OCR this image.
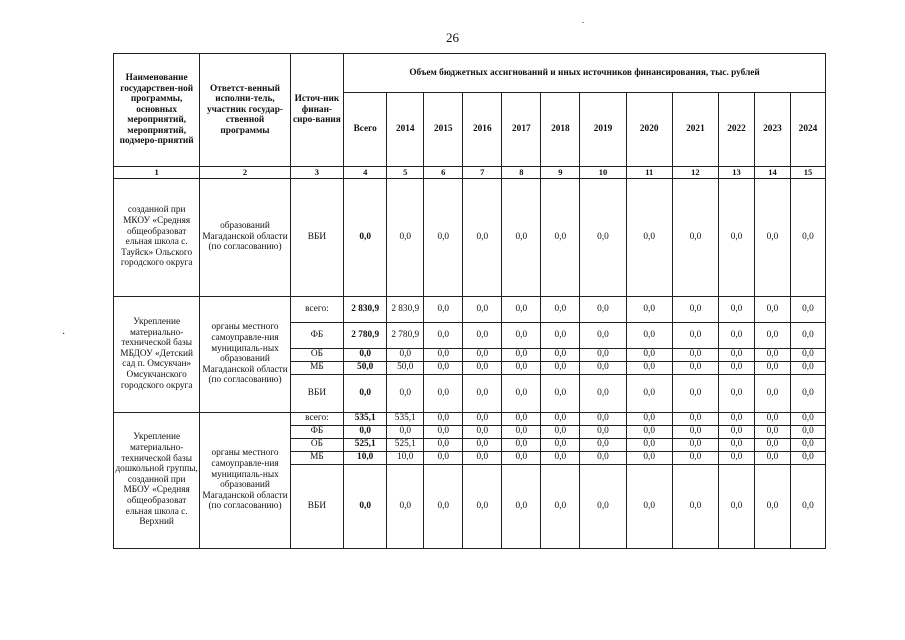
26
·
Наименование государствен-ной программы, основных мероприятий, мероприятий, подмеро-приятий	Ответст-венный исполни-тель, участник государ-ственной программы	Источ-ник финан-сиро-вания	Объем бюджетных ассигнований и иных источников финансирования, тыс. рублей											
			Всего	2014	2015	2016	2017	2018	2019	2020	2021	2022	2023	2024
1	2	3	4	5	6	7	8	9	10	11	12	13	14	15
созданной при МКОУ «Средняя общеобразоват ельная школа с. Тауйск» Ольского городского округа	образований Магаданской области (по согласованию)	ВБИ	0,0	0,0	0,0	0,0	0,0	0,0	0,0	0,0	0,0	0,0	0,0	0,0
Укрепление материально-технической базы МБДОУ «Детский сад п. Омсукчан» Омсукчанского городского округа	органы местного самоуправле-ния муниципаль-ных образований Магаданской области (по согласованию)	всего:	2 830,9	2 830,9	0,0	0,0	0,0	0,0	0,0	0,0	0,0	0,0	0,0	0,0
		ФБ	2 780,9	2 780,9	0,0	0,0	0,0	0,0	0,0	0,0	0,0	0,0	0,0	0,0
		ОБ	0,0	0,0	0,0	0,0	0,0	0,0	0,0	0,0	0,0	0,0	0,0	0,0
		МБ	50,0	50,0	0,0	0,0	0,0	0,0	0,0	0,0	0,0	0,0	0,0	0,0
		ВБИ	0,0	0,0	0,0	0,0	0,0	0,0	0,0	0,0	0,0	0,0	0,0	0,0
Укрепление материально-технической базы дошкольной группы, созданной при МБОУ «Средняя общеобразоват ельная школа с. Верхний	органы местного самоуправле-ния муниципаль-ных образований Магаданской области (по согласованию)	всего:	535,1	535,1	0,0	0,0	0,0	0,0	0,0	0,0	0,0	0,0	0,0	0,0
		ФБ	0,0	0,0	0,0	0,0	0,0	0,0	0,0	0,0	0,0	0,0	0,0	0,0
		ОБ	525,1	525,1	0,0	0,0	0,0	0,0	0,0	0,0	0,0	0,0	0,0	0,0
		МБ	10,0	10,0	0,0	0,0	0,0	0,0	0,0	0,0	0,0	0,0	0,0	0,0
		ВБИ	0,0	0,0	0,0	0,0	0,0	0,0	0,0	0,0	0,0	0,0	0,0	0,0
